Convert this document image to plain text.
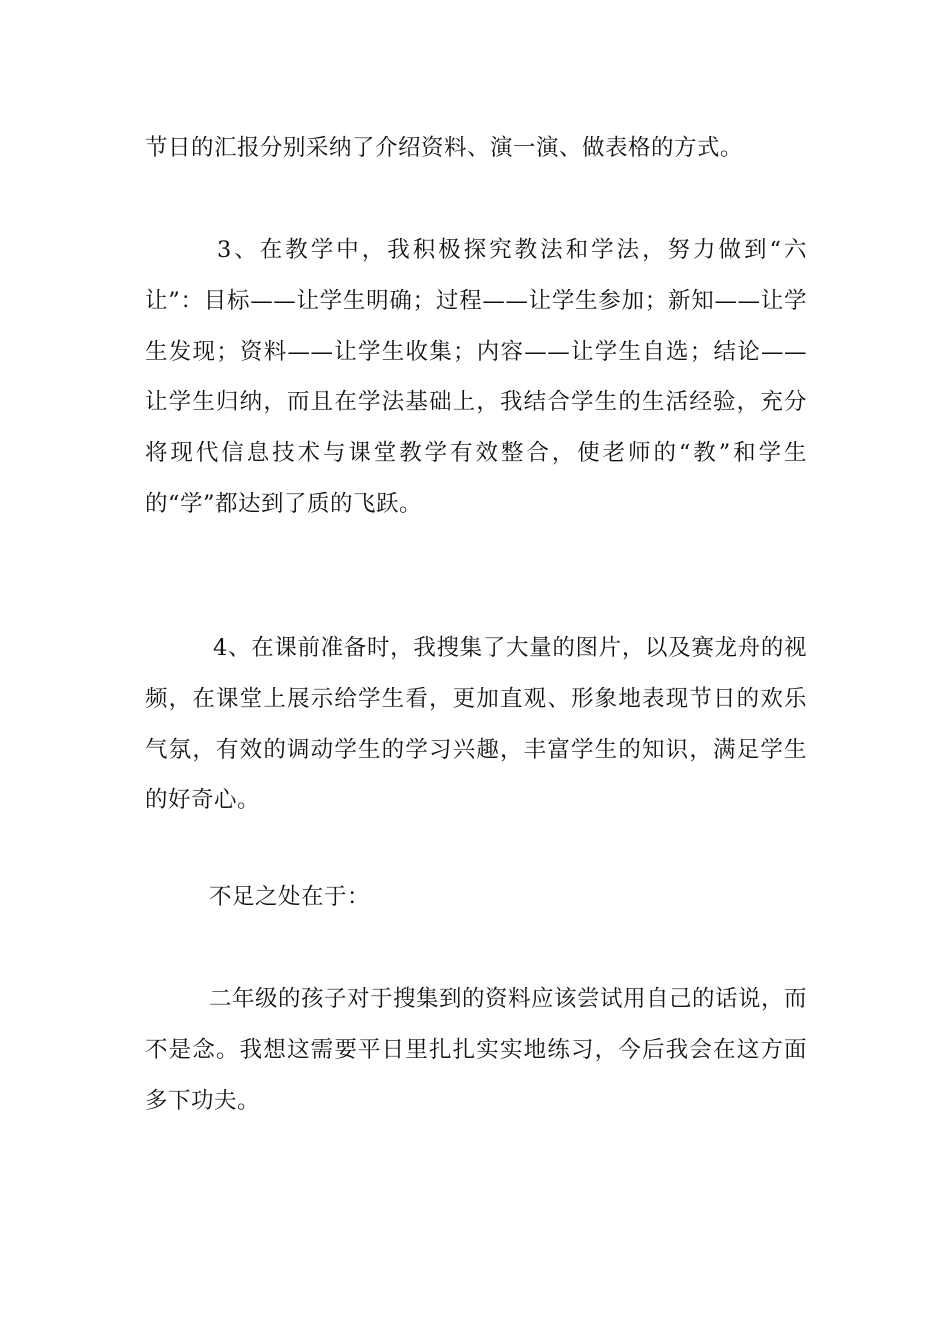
节日的汇报分别采纳了介绍资料、演一演、做表格的方式。

3、在教学中，我积极探究教法和学法，努力做到“六让”：目标——让学生明确；过程——让学生参加；新知——让学生发现；资料——让学生收集；内容——让学生自选；结论——让学生归纳，而且在学法基础上，我结合学生的生活经验，充分将现代信息技术与课堂教学有效整合，使老师的“教”和学生的“学”都达到了质的飞跃。

4、在课前准备时，我搜集了大量的图片，以及赛龙舟的视频，在课堂上展示给学生看，更加直观、形象地表现节日的欢乐气氛，有效的调动学生的学习兴趣，丰富学生的知识，满足学生的好奇心。

不足之处在于：

二年级的孩子对于搜集到的资料应该尝试用自己的话说，而不是念。我想这需要平日里扎扎实实地练习，今后我会在这方面多下功夫。
